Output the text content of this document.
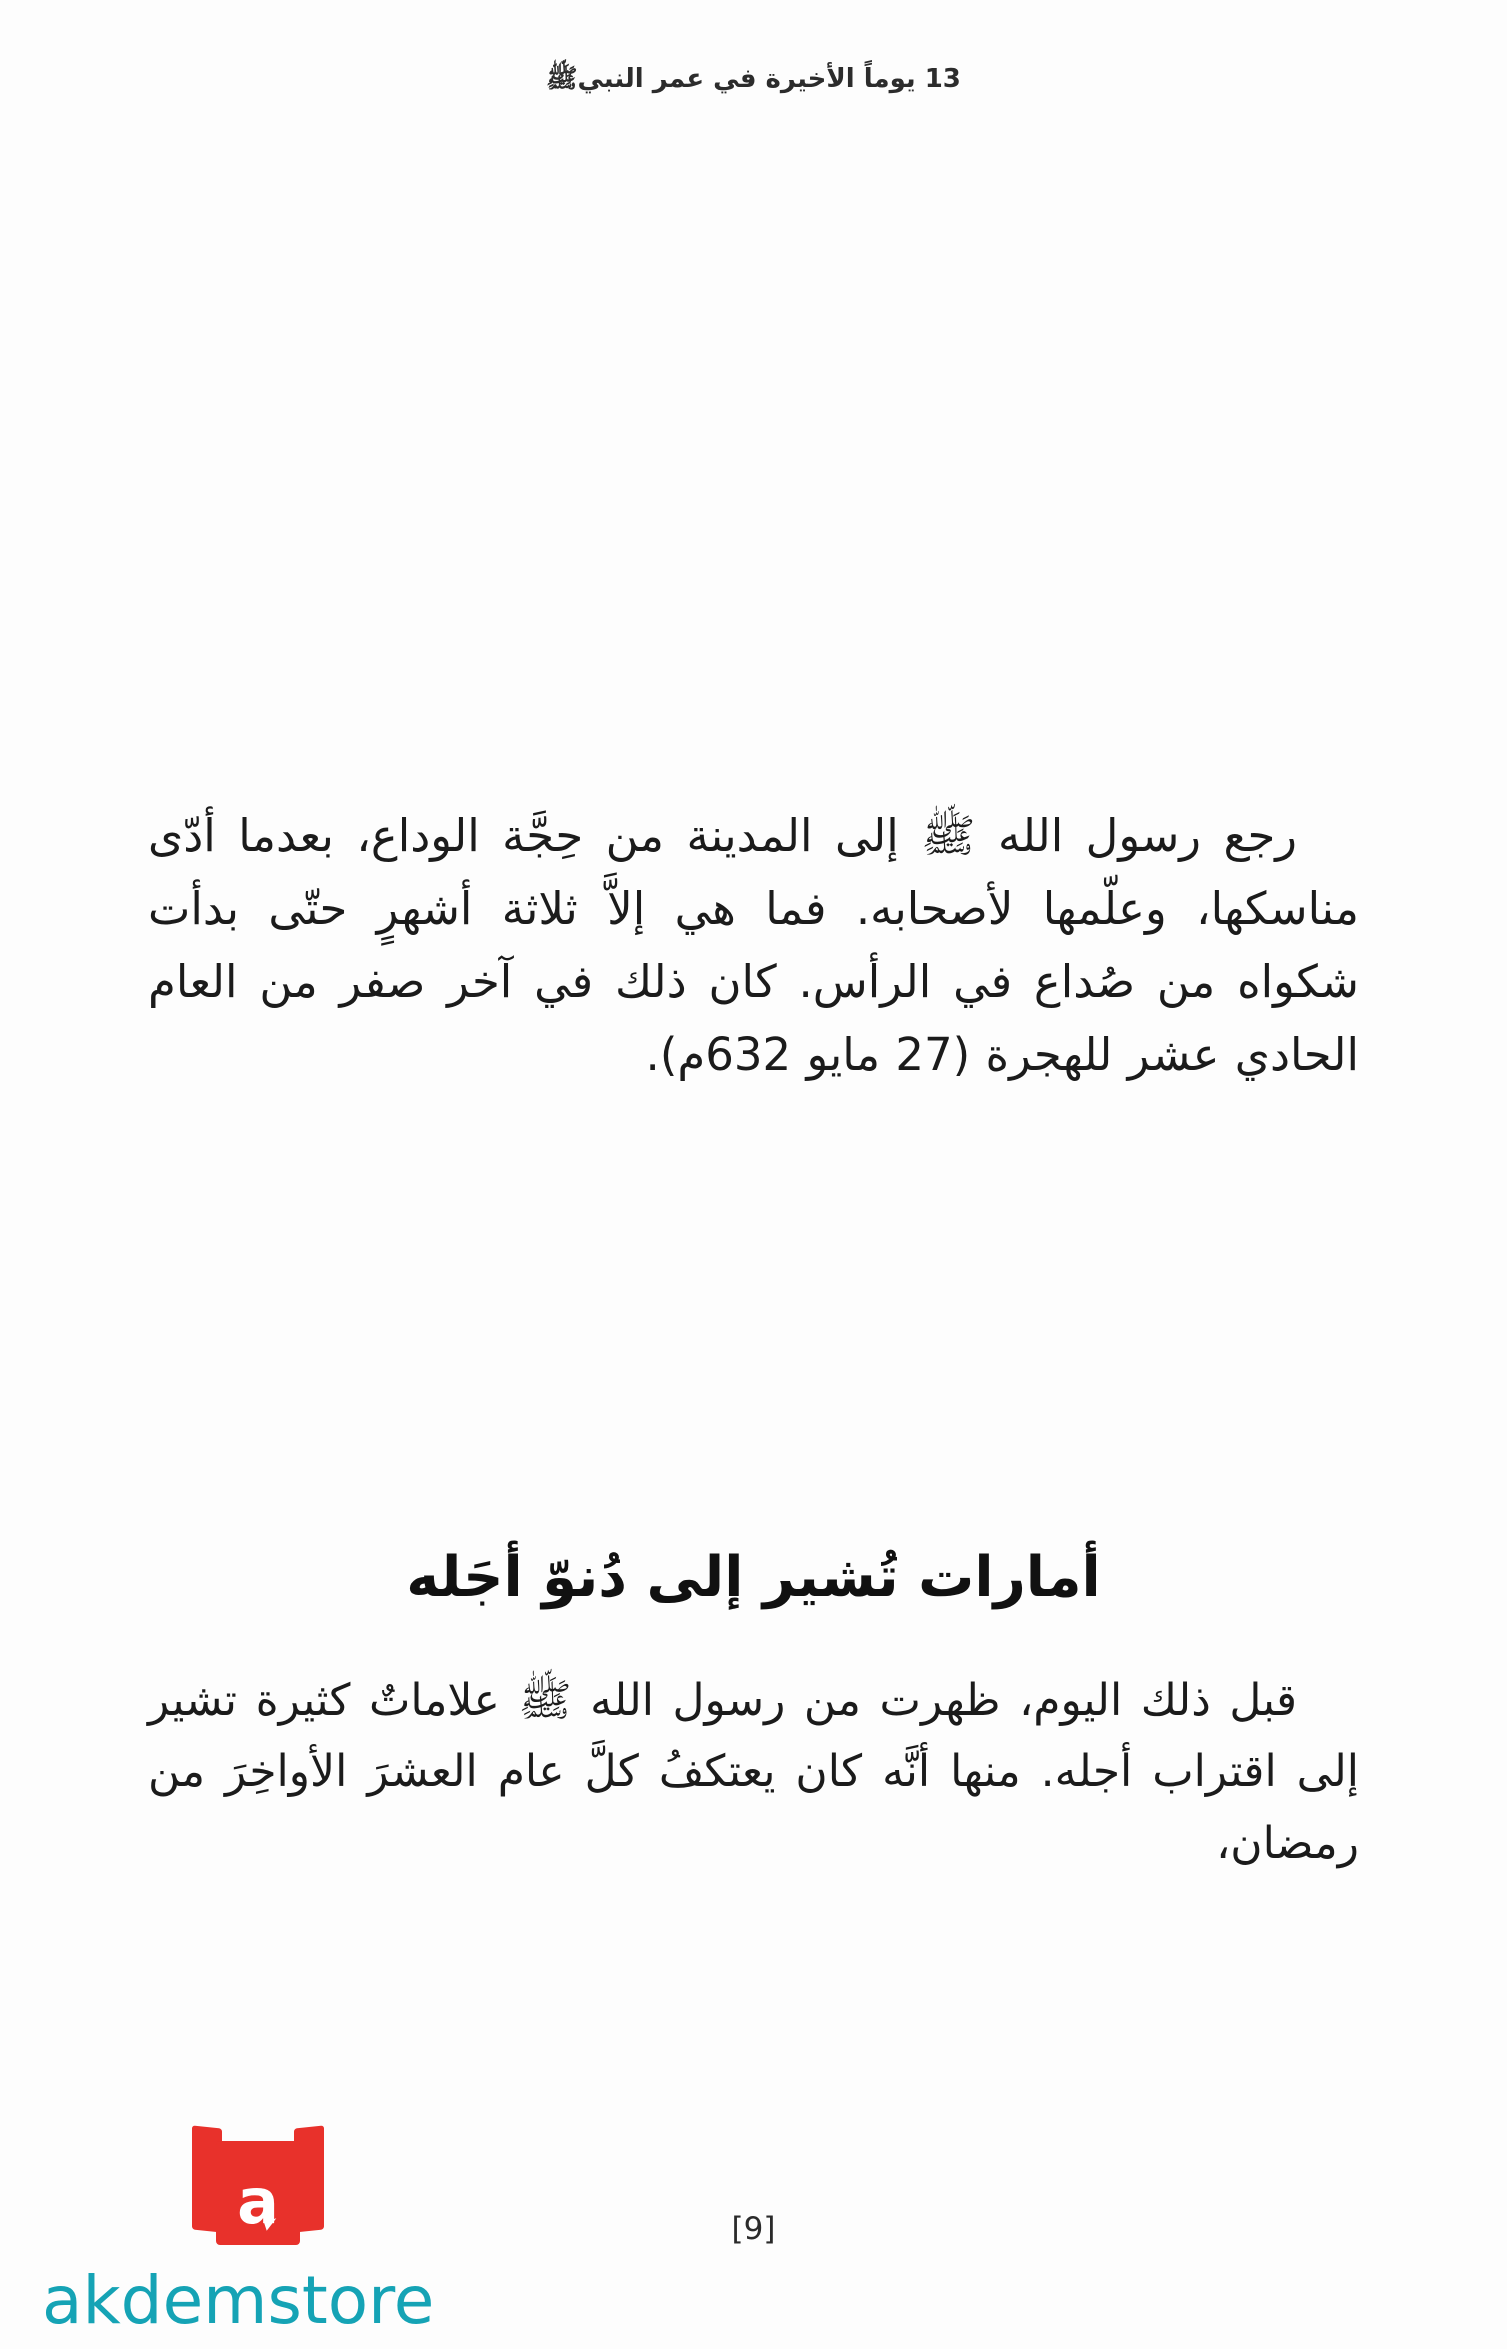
13 يوماً الأخيرة في عمر النبيﷺ

رجع رسول الله ﷺ إلى المدينة من حِجَّة الوداع، بعدما أدّى مناسكها، وعلّمها لأصحابه. فما هي إلاَّ ثلاثة أشهرٍ حتّى بدأت شكواه من صُداع في الرأس. كان ذلك في آخر صفر من العام الحادي عشر للهجرة (27 مايو 632م).

أمارات تُشير إلى دُنوّ أجَله

قبل ذلك اليوم، ظهرت من رسول الله ﷺ علاماتٌ كثيرة تشير إلى اقتراب أجله. منها أنَّه كان يعتكفُ كلَّ عام العشرَ الأواخِرَ من رمضان،

[9]
a
akdemstore
